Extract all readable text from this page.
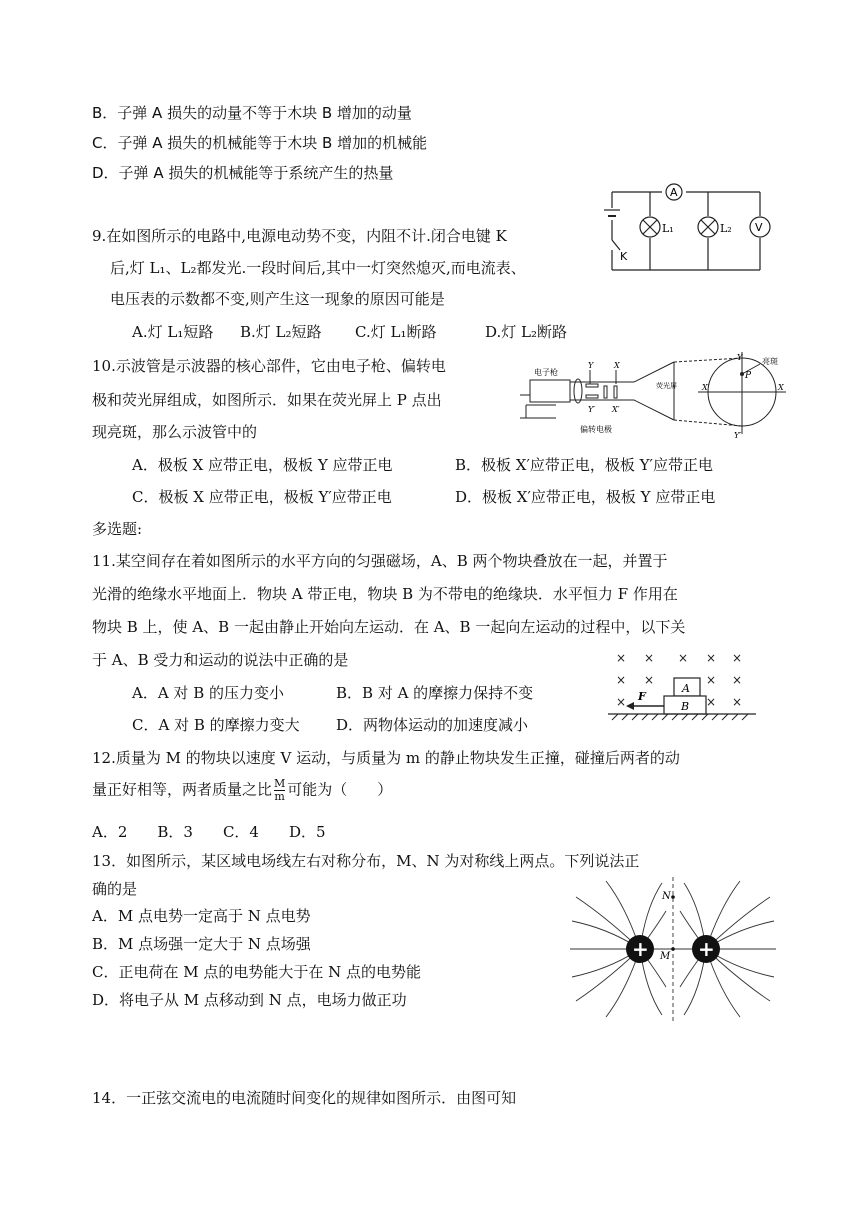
B．子弹 A 损失的动量不等于木块 B 增加的动量
C．子弹 A 损失的机械能等于木块 B 增加的机械能
D．子弹 A 损失的机械能等于系统产生的热量
9.在如图所示的电路中,电源电动势不变，内阻不计.闭合电键 K
后,灯 L₁、L₂都发光.一段时间后,其中一灯突然熄灭,而电流表、
电压表的示数都不变,则产生这一现象的原因可能是
A.灯 L₁短路 B.灯 L₂短路 C.灯 L₁断路	D.灯 L₂断路
A
L₁	L₂ V
K
10.示波管是示波器的核心部件，它由电子枪、偏转电
极和荧光屏组成，如图所示．如果在荧光屏上 P 点出
现亮斑，那么示波管中的
A．极板 X 应带正电，极板 Y 应带正电	B．极板 X′应带正电，极板 Y′应带正电
C．极板 X 应带正电，极板 Y′应带正电	D．极板 X′应带正电，极板 Y 应带正电
电子枪
偏转电极
荧光屏
亮斑
Y	X
X′
Y′
P
Y
Y′
X′	X
多选题:
11.某空间存在着如图所示的水平方向的匀强磁场，A、B 两个物块叠放在一起，并置于
光滑的绝缘水平地面上．物块 A 带正电，物块 B 为不带电的绝缘块．水平恒力 F 作用在
物块 B 上，使 A、B 一起由静止开始向左运动．在 A、B 一起向左运动的过程中，以下关
于 A、B 受力和运动的说法中正确的是
A．A 对 B 的压力变小	B．B 对 A 的摩擦力保持不变
C．A 对 B 的摩擦力变大 D．两物体运动的加速度减小
× × × × ×
× ×	× ×
×	×
×
A
B
F
12.质量为 M 的物块以速度 V 运动，与质量为 m 的静止物块发生正撞，碰撞后两者的动
量正好相等，两者质量之比 $\frac{M}{m}$ 可能为（　　）
A．2　　B．3　　C．4　　D．5
13．如图所示，某区域电场线左右对称分布，M、N 为对称线上两点。下列说法正
确的是
A．M 点电势一定高于 N 点电势
B．M 点场强一定大于 N 点场强
C．正电荷在 M 点的电势能大于在 N 点的电势能
D．将电子从 M 点移动到 N 点，电场力做正功
+ +
M
N
14．一正弦交流电的电流随时间变化的规律如图所示．由图可知
